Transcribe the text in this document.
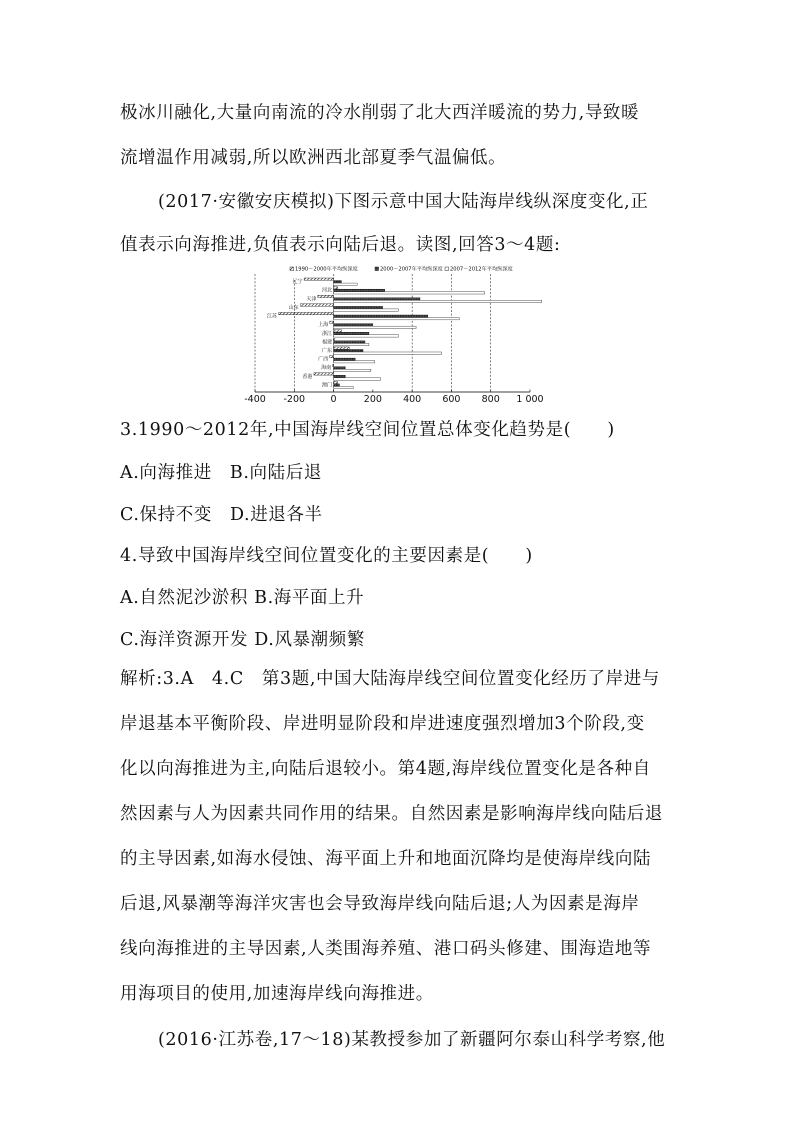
极冰川融化,大量向南流的冷水削弱了北大西洋暖流的势力,导致暖
流增温作用减弱,所以欧洲西北部夏季气温偏低。
(2017·安徽安庆模拟)下图示意中国大陆海岸线纵深度变化,正
值表示向海推进,负值表示向陆后退。读图,回答3～4题:
1990～2000年平均纵深度	2000～2007年平均纵深度 2007～2012年平均纵深度
辽宁
河北
天津
山东
江苏
上海
浙江
福建
广东
广西
海南
香港
澳门
-400 -200	0	200 400 600 800 1 000
3.1990～2012年,中国海岸线空间位置总体变化趋势是(　　)
A.向海推进　B.向陆后退
C.保持不变　D.进退各半
4.导致中国海岸线空间位置变化的主要因素是(　　)
A.自然泥沙淤积 B.海平面上升
C.海洋资源开发 D.风暴潮频繁
解析:3.A　4.C　第3题,中国大陆海岸线空间位置变化经历了岸进与
岸退基本平衡阶段、岸进明显阶段和岸进速度强烈增加3个阶段,变
化以向海推进为主,向陆后退较小。第4题,海岸线位置变化是各种自
然因素与人为因素共同作用的结果。自然因素是影响海岸线向陆后退
的主导因素,如海水侵蚀、海平面上升和地面沉降均是使海岸线向陆
后退,风暴潮等海洋灾害也会导致海岸线向陆后退;人为因素是海岸
线向海推进的主导因素,人类围海养殖、港口码头修建、围海造地等
用海项目的使用,加速海岸线向海推进。
(2016·江苏卷,17～18)某教授参加了新疆阿尔泰山科学考察,他
